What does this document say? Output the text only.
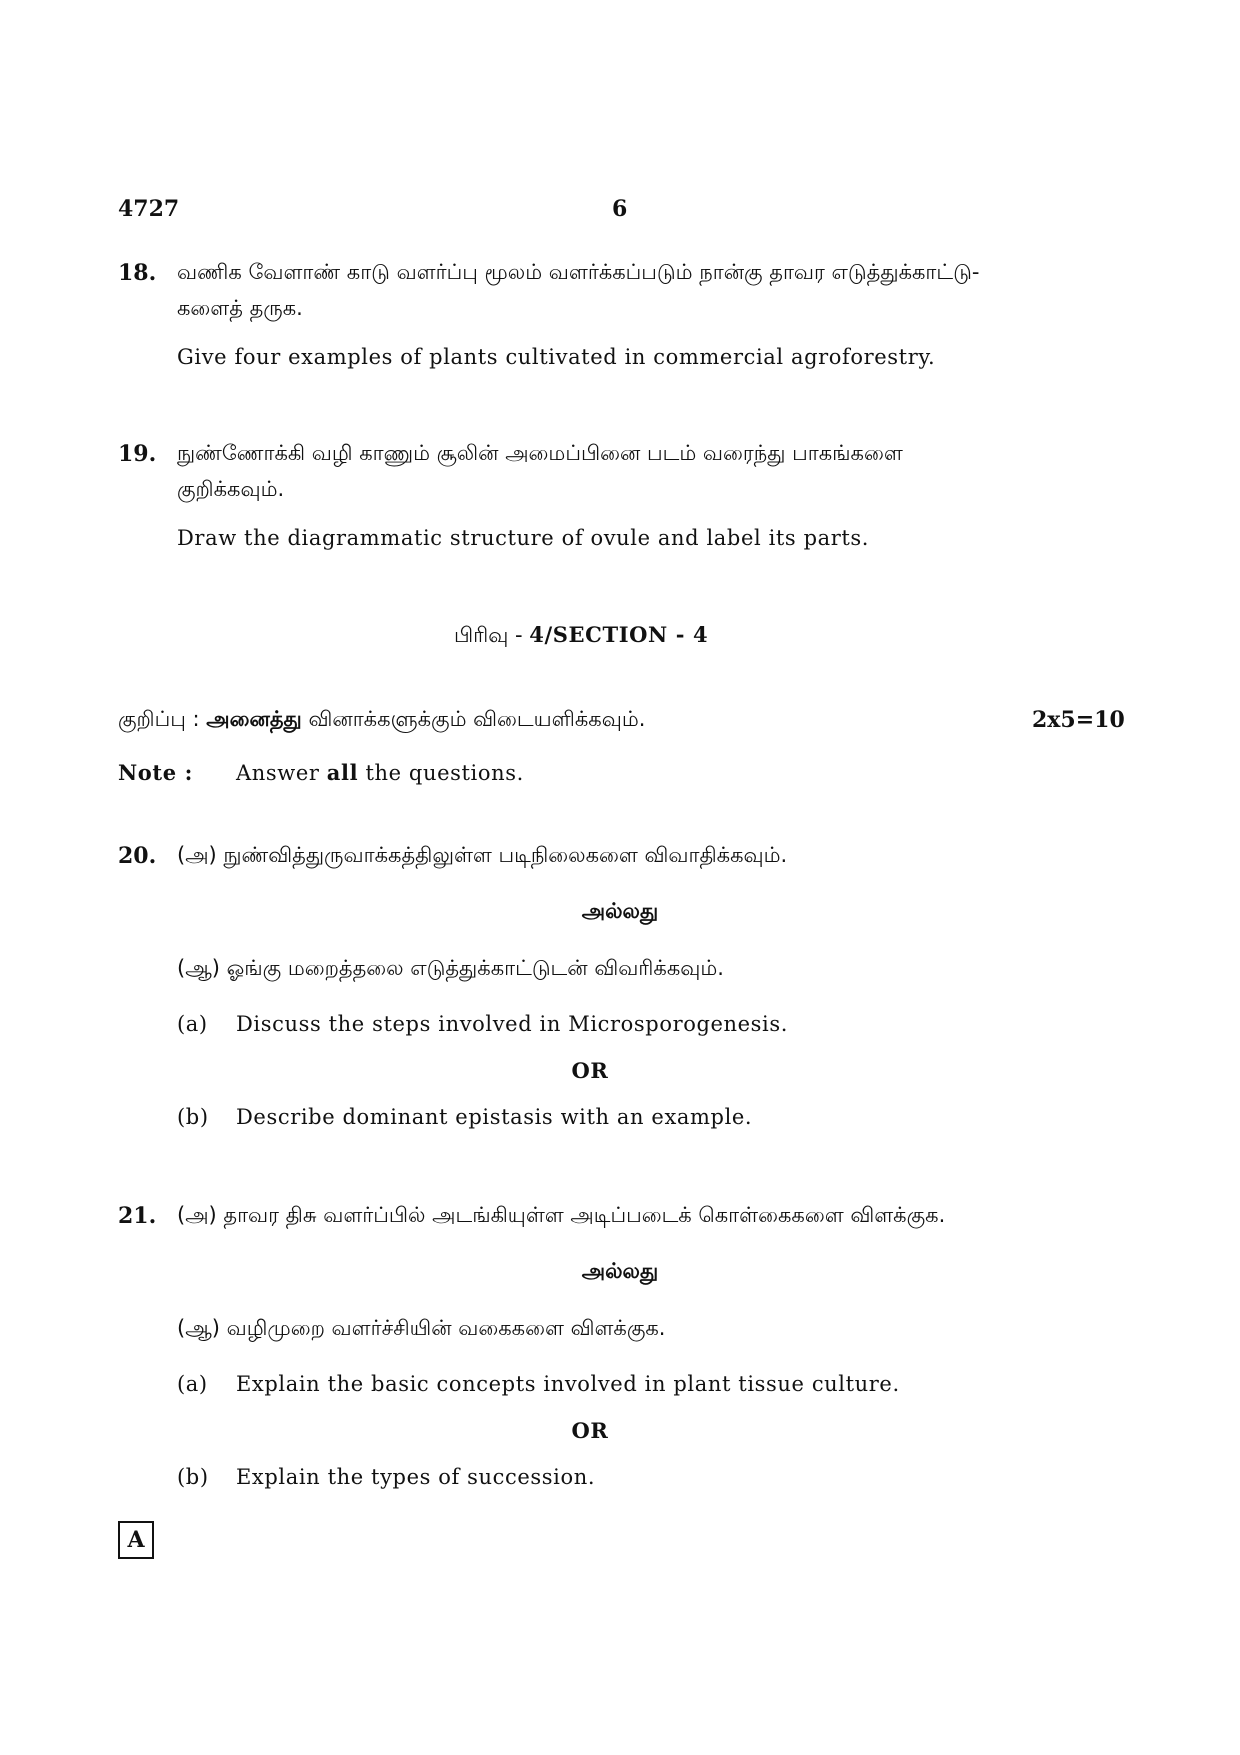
4727	6
18. வணிக வேளாண் காடு வளர்ப்பு மூலம் வளர்க்கப்படும் நான்கு தாவர எடுத்துக்காட்டு-
களைத் தருக.
Give four examples of plants cultivated in commercial agroforestry.
19. நுண்ணோக்கி வழி காணும் சூலின் அமைப்பினை படம் வரைந்து பாகங்களை
குறிக்கவும்.
Draw the diagrammatic structure of ovule and label its parts.
பிரிவு - 4/SECTION - 4
குறிப்பு : அனைத்து வினாக்களுக்கும் விடையளிக்கவும்.	2x5=10
Note : Answer all the questions.
20. (அ) நுண்வித்துருவாக்கத்திலுள்ள படிநிலைகளை விவாதிக்கவும்.
அல்லது
(ஆ) ஓங்கு மறைத்தலை எடுத்துக்காட்டுடன் விவரிக்கவும்.
(a) Discuss the steps involved in Microsporogenesis.
OR
(b) Describe dominant epistasis with an example.
21. (அ) தாவர திசு வளர்ப்பில் அடங்கியுள்ள அடிப்படைக் கொள்கைகளை விளக்குக.
அல்லது
(ஆ) வழிமுறை வளர்ச்சியின் வகைகளை விளக்குக.
(a) Explain the basic concepts involved in plant tissue culture.
OR
(b) Explain the types of succession.
A
